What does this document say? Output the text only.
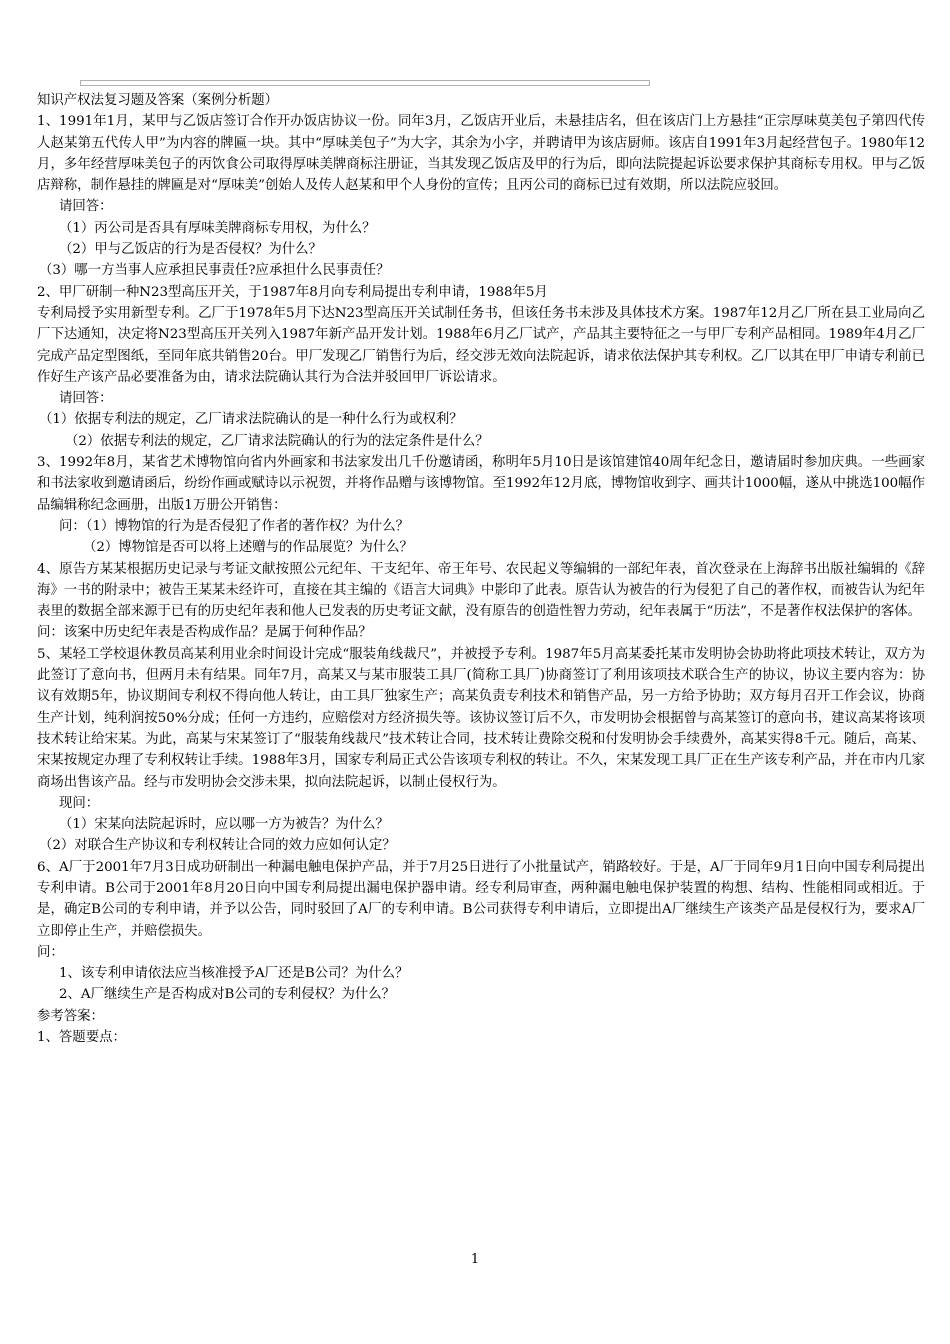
知识产权法复习题及答案（案例分析题）

1、1991年1月，某甲与乙饭店签订合作开办饭店协议一份。同年3月，乙饭店开业后，未悬挂店名，但在该店门上方悬挂“正宗厚味莫美包子第四代传人赵某第五代传人甲”为内容的牌匾一块。其中“厚味美包子”为大字，其余为小字，并聘请甲为该店厨师。该店自1991年3月起经营包子。1980年12月，多年经营厚味美包子的丙饮食公司取得厚味美牌商标注册证，当其发现乙饭店及甲的行为后，即向法院提起诉讼要求保护其商标专用权。甲与乙饭店辩称，制作悬挂的牌匾是对“厚味美”创始人及传人赵某和甲个人身份的宣传；且丙公司的商标已过有效期，所以法院应驳回。

请回答：

（1）丙公司是否具有厚味美牌商标专用权，为什么？

（2）甲与乙饭店的行为是否侵权？为什么？

（3）哪一方当事人应承担民事责任?应承担什么民事责任？

2、甲厂研制一种N23型高压开关，于1987年8月向专利局提出专利申请，1988年5月

专利局授予实用新型专利。乙厂于1978年5月下达N23型高压开关试制任务书，但该任务书未涉及具体技术方案。1987年12月乙厂所在县工业局向乙厂下达通知，决定将N23型高压开关列入1987年新产品开发计划。1988年6月乙厂试产，产品其主要特征之一与甲厂专利产品相同。1989年4月乙厂完成产品定型图纸，至同年底共销售20台。甲厂发现乙厂销售行为后，经交涉无效向法院起诉，请求依法保护其专利权。乙厂以其在甲厂申请专利前已作好生产该产品必要准备为由，请求法院确认其行为合法并驳回甲厂诉讼请求。

请回答：

（1）依据专利法的规定，乙厂请求法院确认的是一种什么行为或权利？

（2）依据专利法的规定，乙厂请求法院确认的行为的法定条件是什么？

3、1992年8月，某省艺术博物馆向省内外画家和书法家发出几千份邀请函，称明年5月10日是该馆建馆40周年纪念日，邀请届时参加庆典。一些画家和书法家收到邀请函后，纷纷作画或赋诗以示祝贺，并将作品赠与该博物馆。至1992年12月底，博物馆收到字、画共计1000幅，遂从中挑选100幅作品编辑称纪念画册，出版1万册公开销售：

问：（1）博物馆的行为是否侵犯了作者的著作权？为什么？

（2）博物馆是否可以将上述赠与的作品展览？为什么？

4、原告方某某根据历史记录与考证文献按照公元纪年、干支纪年、帝王年号、农民起义等编辑的一部纪年表，首次登录在上海辞书出版社编辑的《辞海》一书的附录中；被告王某某未经许可，直接在其主编的《语言大词典》中影印了此表。原告认为被告的行为侵犯了自己的著作权，而被告认为纪年表里的数据全部来源于已有的历史纪年表和他人已发表的历史考证文献，没有原告的创造性智力劳动，纪年表属于“历法”，不是著作权法保护的客体。

问：该案中历史纪年表是否构成作品？是属于何种作品？

5、某轻工学校退休教员高某利用业余时间设计完成“服装角线裁尺”，并被授予专利。1987年5月高某委托某市发明协会协助将此项技术转让，双方为此签订了意向书，但两月未有结果。同年7月，高某又与某市服装工具厂(简称工具厂)协商签订了利用该项技术联合生产的协议，协议主要内容为：协议有效期5年，协议期间专利权不得向他人转让，由工具厂独家生产；高某负责专利技术和销售产品，另一方给予协助；双方每月召开工作会议，协商生产计划，纯利润按50%分成；任何一方违约，应赔偿对方经济损失等。该协议签订后不久，市发明协会根据曾与高某签订的意向书，建议高某将该项技术转让给宋某。为此，高某与宋某签订了“服装角线裁尺”技术转让合同，技术转让费除交税和付发明协会手续费外，高某实得8千元。随后，高某、宋某按规定办理了专利权转让手续。1988年3月，国家专利局正式公告该项专利权的转让。不久，宋某发现工具厂正在生产该专利产品，并在市内几家商场出售该产品。经与市发明协会交涉未果，拟向法院起诉，以制止侵权行为。

现问：

（1）宋某向法院起诉时，应以哪一方为被告？为什么？

（2）对联合生产协议和专利权转让合同的效力应如何认定？

6、A厂于2001年7月3日成功研制出一种漏电触电保护产品，并于7月25日进行了小批量试产，销路较好。于是，A厂于同年9月1日向中国专利局提出专利申请。B公司于2001年8月20日向中国专利局提出漏电保护器申请。经专利局审查，两种漏电触电保护装置的构想、结构、性能相同或相近。于是，确定B公司的专利申请，并予以公告，同时驳回了A厂的专利申请。B公司获得专利申请后，立即提出A厂继续生产该类产品是侵权行为，要求A厂立即停止生产，并赔偿损失。

问：

1、该专利申请依法应当核准授予A厂还是B公司？为什么？

2、A厂继续生产是否构成对B公司的专利侵权？为什么？

参考答案：

1、答题要点：

1
